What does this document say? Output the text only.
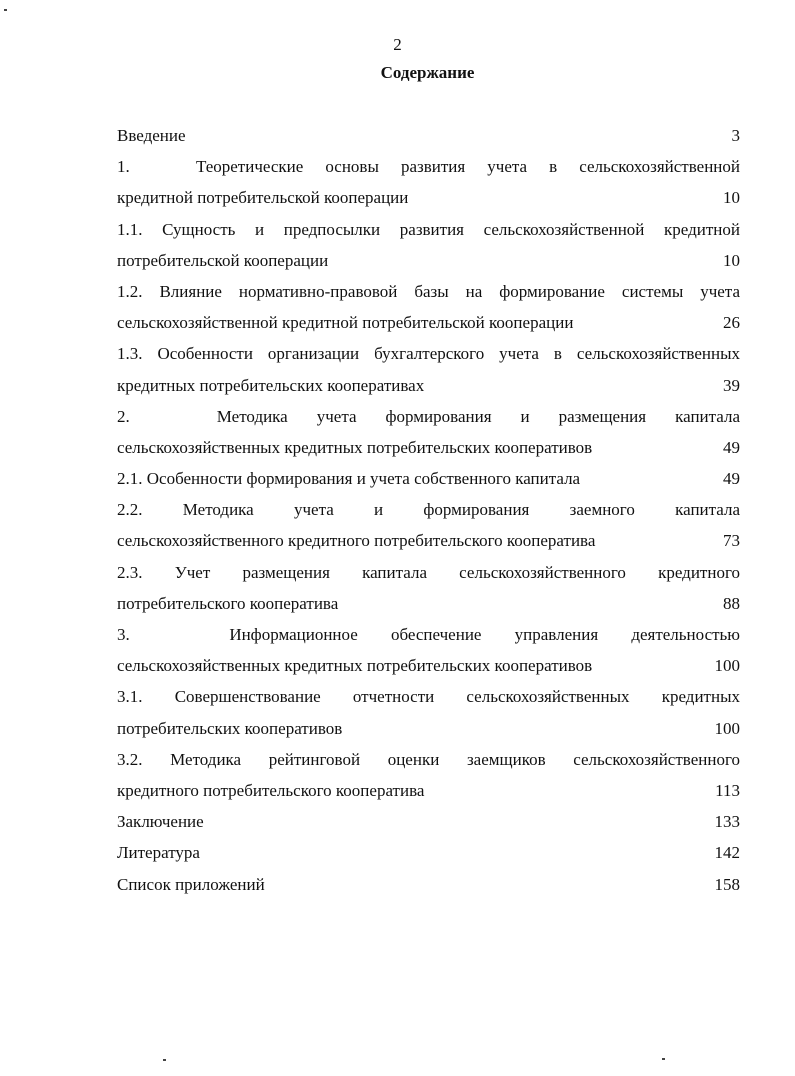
2
Содержание
Введение	3
1.   Теоретические основы развития учета в сельскохозяйственной
кредитной потребительской кооперации	10
1.1. Сущность и предпосылки развития сельскохозяйственной кредитной
потребительской кооперации	10
1.2. Влияние нормативно-правовой базы на формирование системы учета
сельскохозяйственной кредитной потребительской кооперации	26
1.3. Особенности организации бухгалтерского учета в сельскохозяйственных
кредитных потребительских кооперативах	39
2.   Методика учета формирования и размещения капитала
сельскохозяйственных кредитных потребительских кооперативов	49
2.1. Особенности формирования и учета собственного капитала	49
2.2. Методика учета и формирования заемного капитала
сельскохозяйственного кредитного потребительского кооператива	73
2.3. Учет размещения капитала сельскохозяйственного кредитного
потребительского кооператива	88
3.   Информационное обеспечение управления деятельностью
сельскохозяйственных кредитных потребительских кооперативов	100
3.1. Совершенствование отчетности сельскохозяйственных кредитных
потребительских кооперативов	100
3.2. Методика рейтинговой оценки заемщиков сельскохозяйственного
кредитного потребительского кооператива	113
Заключение	133
Литература	142
Список приложений	158
